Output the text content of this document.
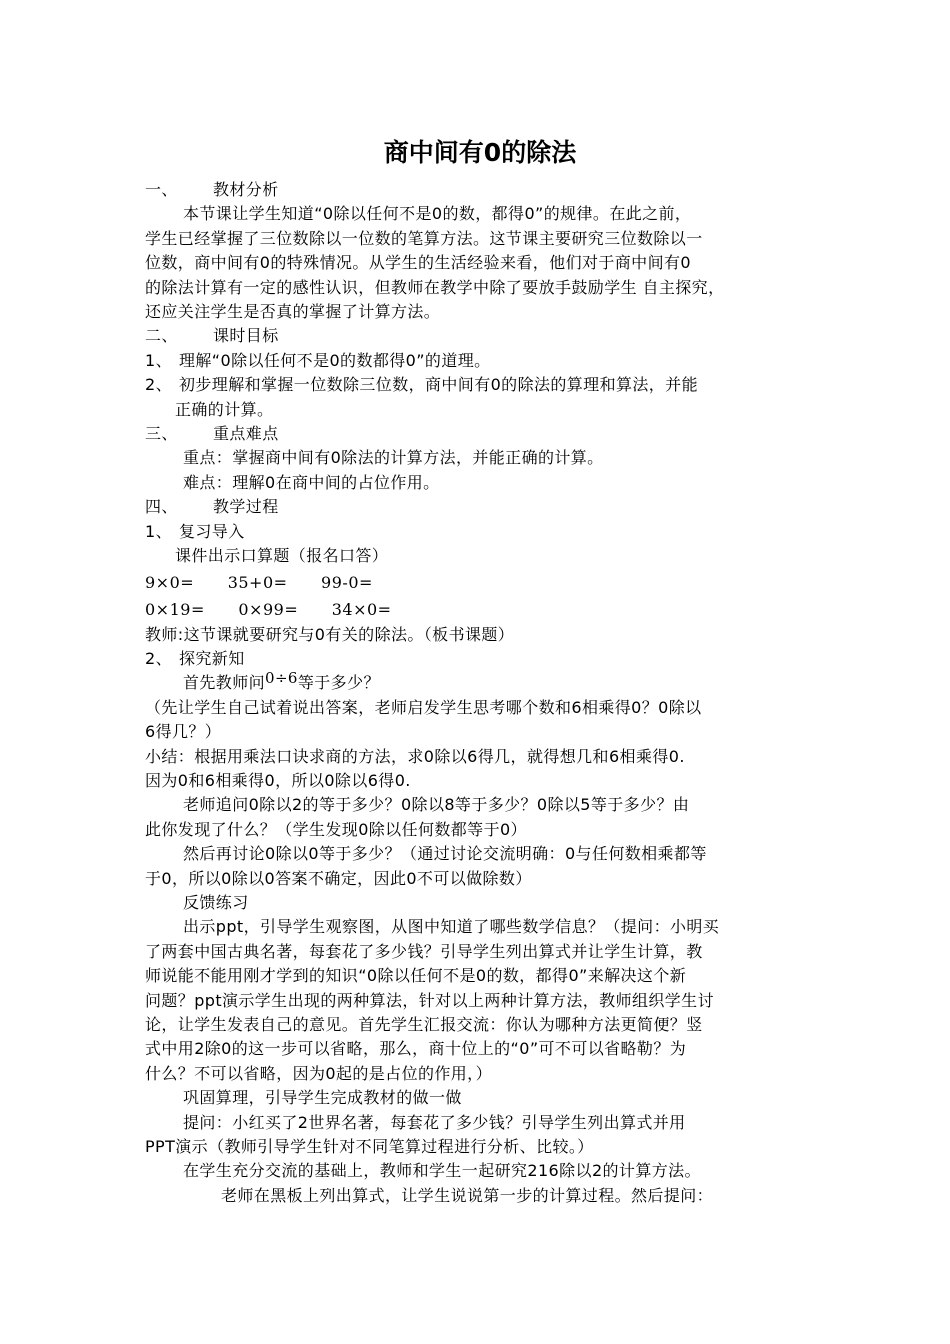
商中间有0的除法
一、 教材分析
本节课让学生知道“0除以任何不是0的数，都得0”的规律。在此之前，
学生已经掌握了三位数除以一位数的笔算方法。这节课主要研究三位数除以一
位数，商中间有0的特殊情况。从学生的生活经验来看，他们对于商中间有0
的除法计算有一定的感性认识，但教师在教学中除了要放手鼓励学生 自主探究，
还应关注学生是否真的掌握了计算方法。
二、 课时目标
1、 理解“0除以任何不是0的数都得0”的道理。
2、 初步理解和掌握一位数除三位数，商中间有0的除法的算理和算法，并能
正确的计算。
三、 重点难点
重点：掌握商中间有0除法的计算方法，并能正确的计算。
难点：理解0在商中间的占位作用。
四、 教学过程
1、 复习导入
课件出示口算题（报名口答）
9×0=      35+0=      99-0=
0×19=      0×99=      34×0=
教师:这节课就要研究与0有关的除法。（板书课题）
2、 探究新知
首先教师问0÷6等于多少？
（先让学生自己试着说出答案，老师启发学生思考哪个数和6相乘得0？0除以
6得几？）
小结：根据用乘法口诀求商的方法，求0除以6得几，就得想几和6相乘得0.
因为0和6相乘得0，所以0除以6得0.
老师追问0除以2的等于多少？0除以8等于多少？0除以5等于多少？由
此你发现了什么？（学生发现0除以任何数都等于0）
然后再讨论0除以0等于多少？（通过讨论交流明确：0与任何数相乘都等
于0，所以0除以0答案不确定，因此0不可以做除数）
反馈练习
出示ppt，引导学生观察图，从图中知道了哪些数学信息？（提问：小明买
了两套中国古典名著，每套花了多少钱？引导学生列出算式并让学生计算，教
师说能不能用刚才学到的知识“0除以任何不是0的数，都得0”来解决这个新
问题？ppt演示学生出现的两种算法，针对以上两种计算方法，教师组织学生讨
论，让学生发表自己的意见。首先学生汇报交流：你认为哪种方法更简便？竖
式中用2除0的这一步可以省略，那么，商十位上的“0”可不可以省略勒？为
什么？不可以省略，因为0起的是占位的作用，）
巩固算理，引导学生完成教材的做一做
提问：小红买了2世界名著，每套花了多少钱？引导学生列出算式并用
PPT演示（教师引导学生针对不同笔算过程进行分析、比较。）
在学生充分交流的基础上，教师和学生一起研究216除以2的计算方法。
老师在黑板上列出算式，让学生说说第一步的计算过程。然后提问：
